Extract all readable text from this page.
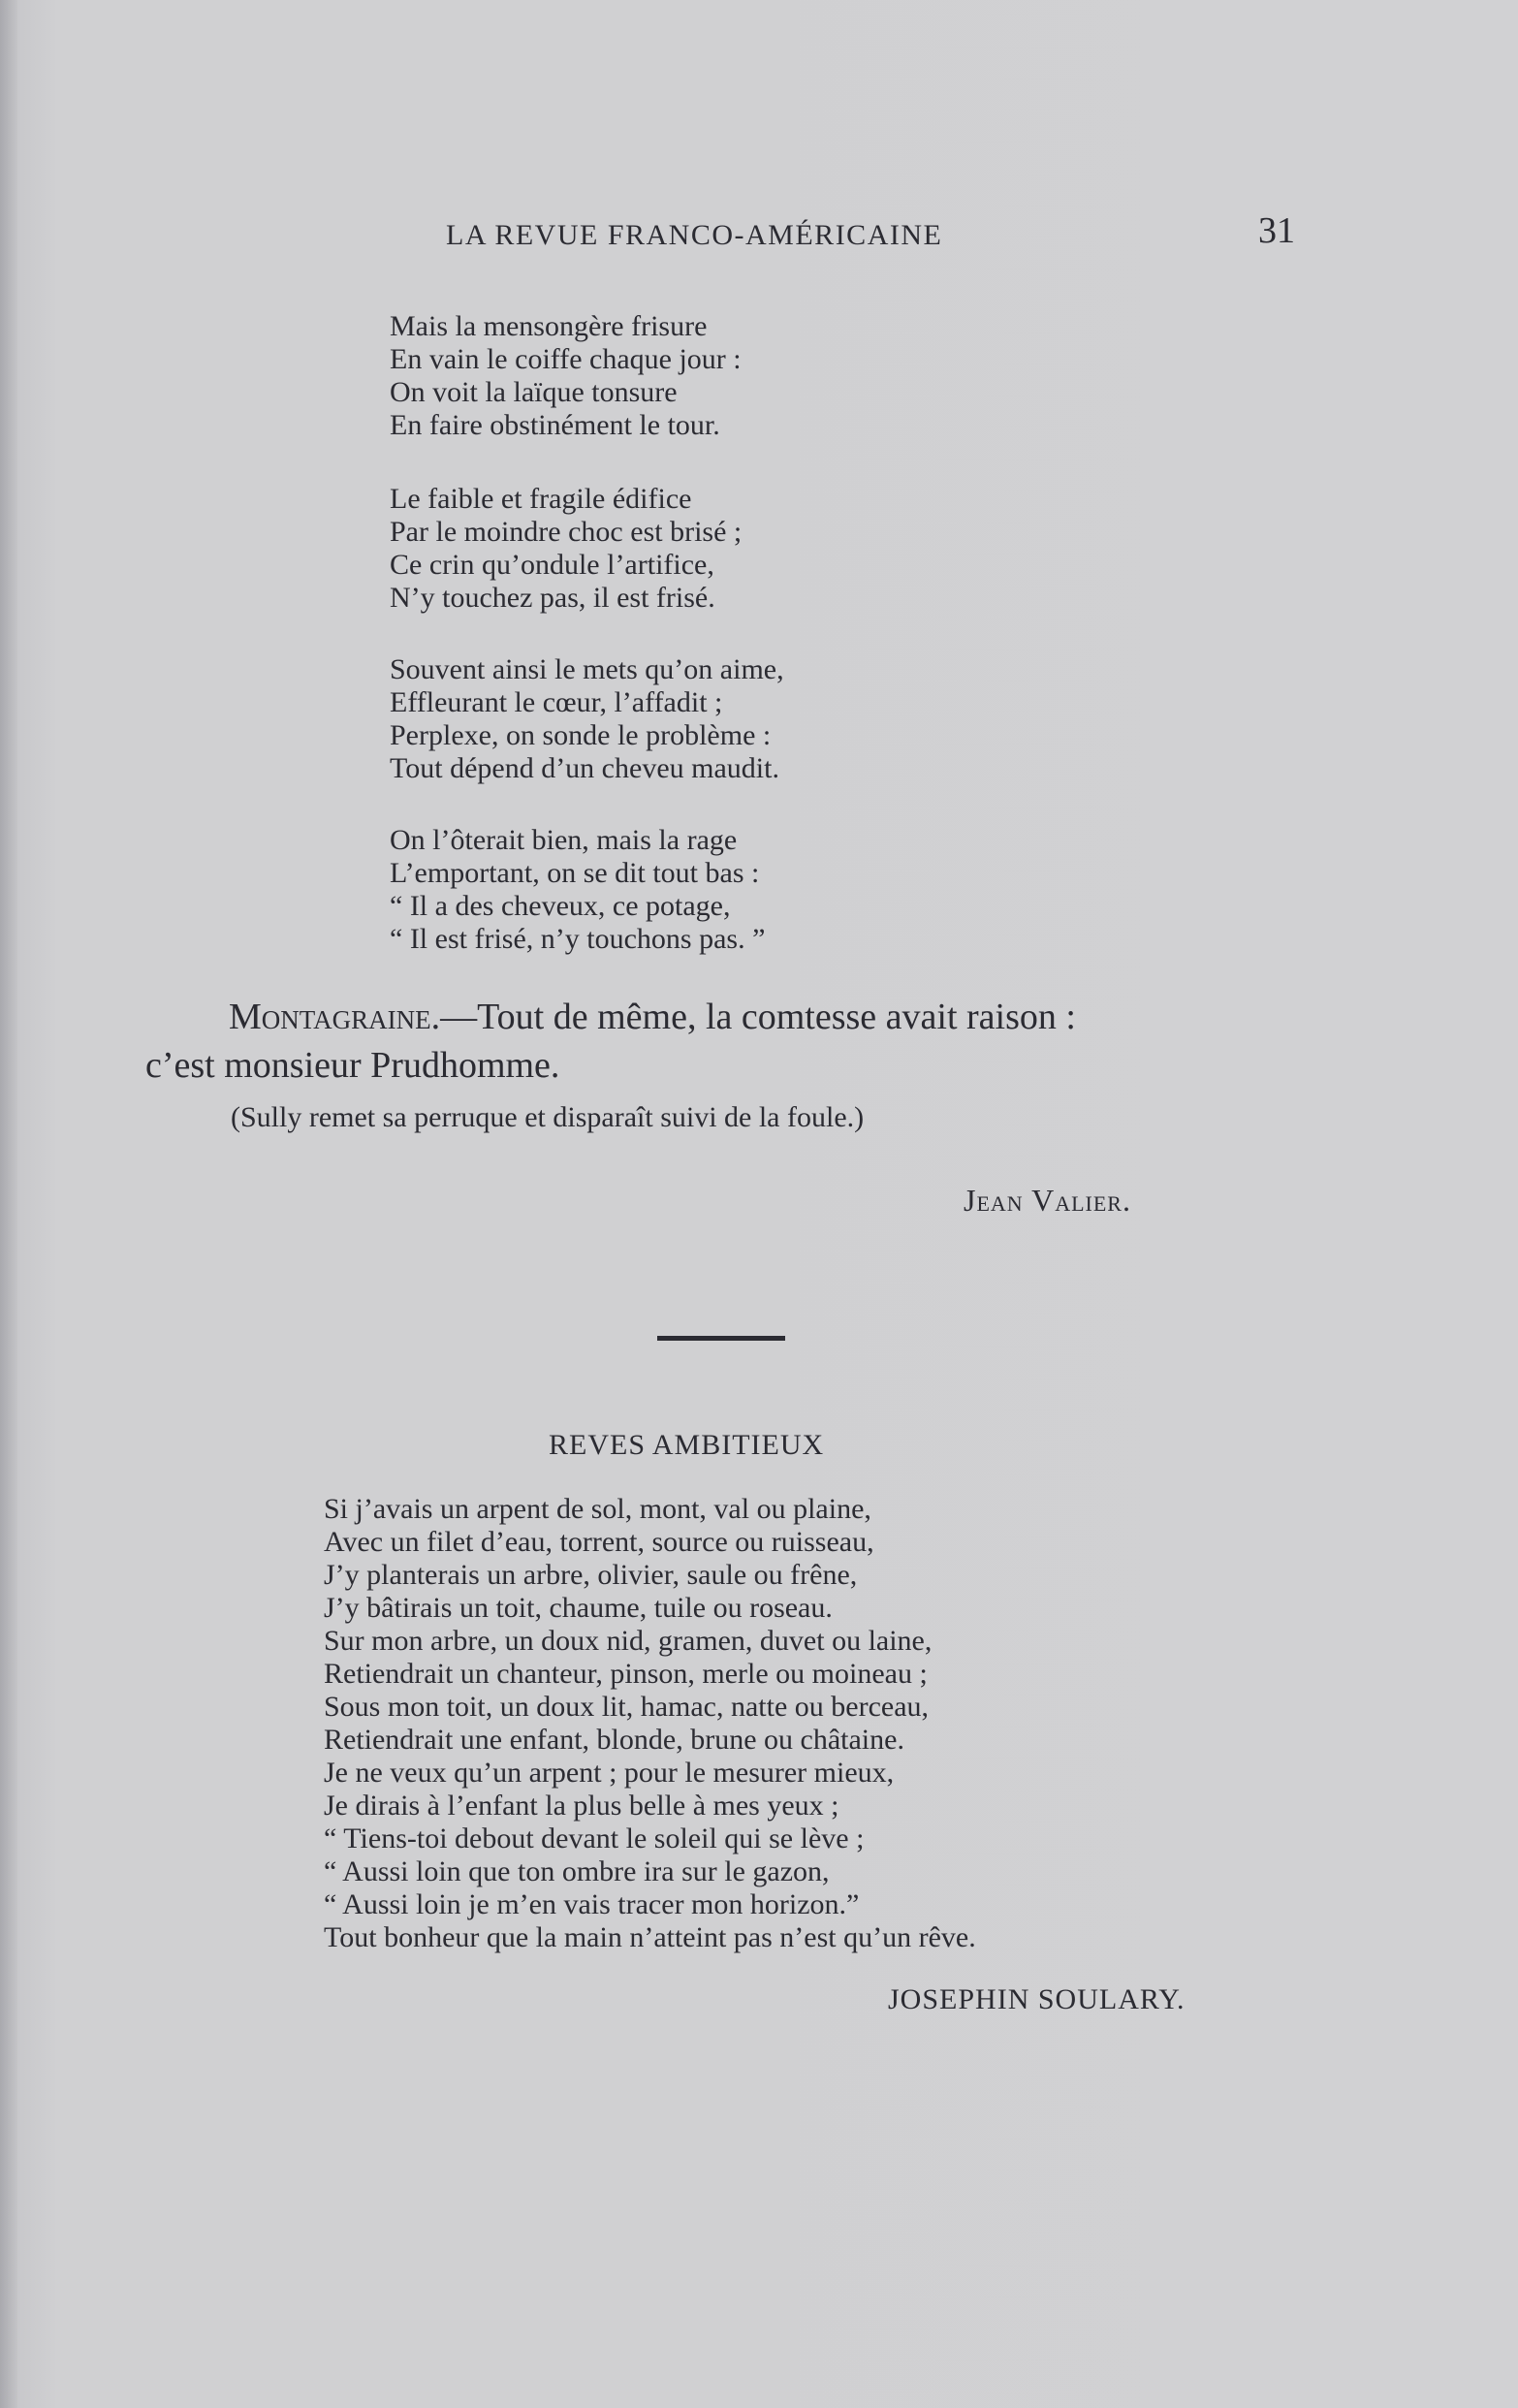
LA REVUE FRANCO-AMÉRICAINE	31
Mais la mensongère frisure
En vain le coiffe chaque jour :
On voit la laïque tonsure
En faire obstinément le tour.
Le faible et fragile édifice
Par le moindre choc est brisé ;
Ce crin qu’ondule l’artifice,
N’y touchez pas, il est frisé.
Souvent ainsi le mets qu’on aime,
Effleurant le cœur, l’affadit ;
Perplexe, on sonde le problème :
Tout dépend d’un cheveu maudit.
On l’ôterait bien, mais la rage
L’emportant, on se dit tout bas :
“ Il a des cheveux, ce potage,
“ Il est frisé, n’y touchons pas. ”
Montagraine.—Tout de même, la comtesse avait raison :
c’est monsieur Prudhomme.
(Sully remet sa perruque et disparaît suivi de la foule.)
Jean Valier.
REVES AMBITIEUX
Si j’avais un arpent de sol, mont, val ou plaine,
Avec un filet d’eau, torrent, source ou ruisseau,
J’y planterais un arbre, olivier, saule ou frêne,
J’y bâtirais un toit, chaume, tuile ou roseau.
Sur mon arbre, un doux nid, gramen, duvet ou laine,
Retiendrait un chanteur, pinson, merle ou moineau ;
Sous mon toit, un doux lit, hamac, natte ou berceau,
Retiendrait une enfant, blonde, brune ou châtaine.
Je ne veux qu’un arpent ; pour le mesurer mieux,
Je dirais à l’enfant la plus belle à mes yeux ;
“ Tiens-toi debout devant le soleil qui se lève ;
“ Aussi loin que ton ombre ira sur le gazon,
“ Aussi loin je m’en vais tracer mon horizon.”
Tout bonheur que la main n’atteint pas n’est qu’un rêve.
JOSEPHIN SOULARY.
